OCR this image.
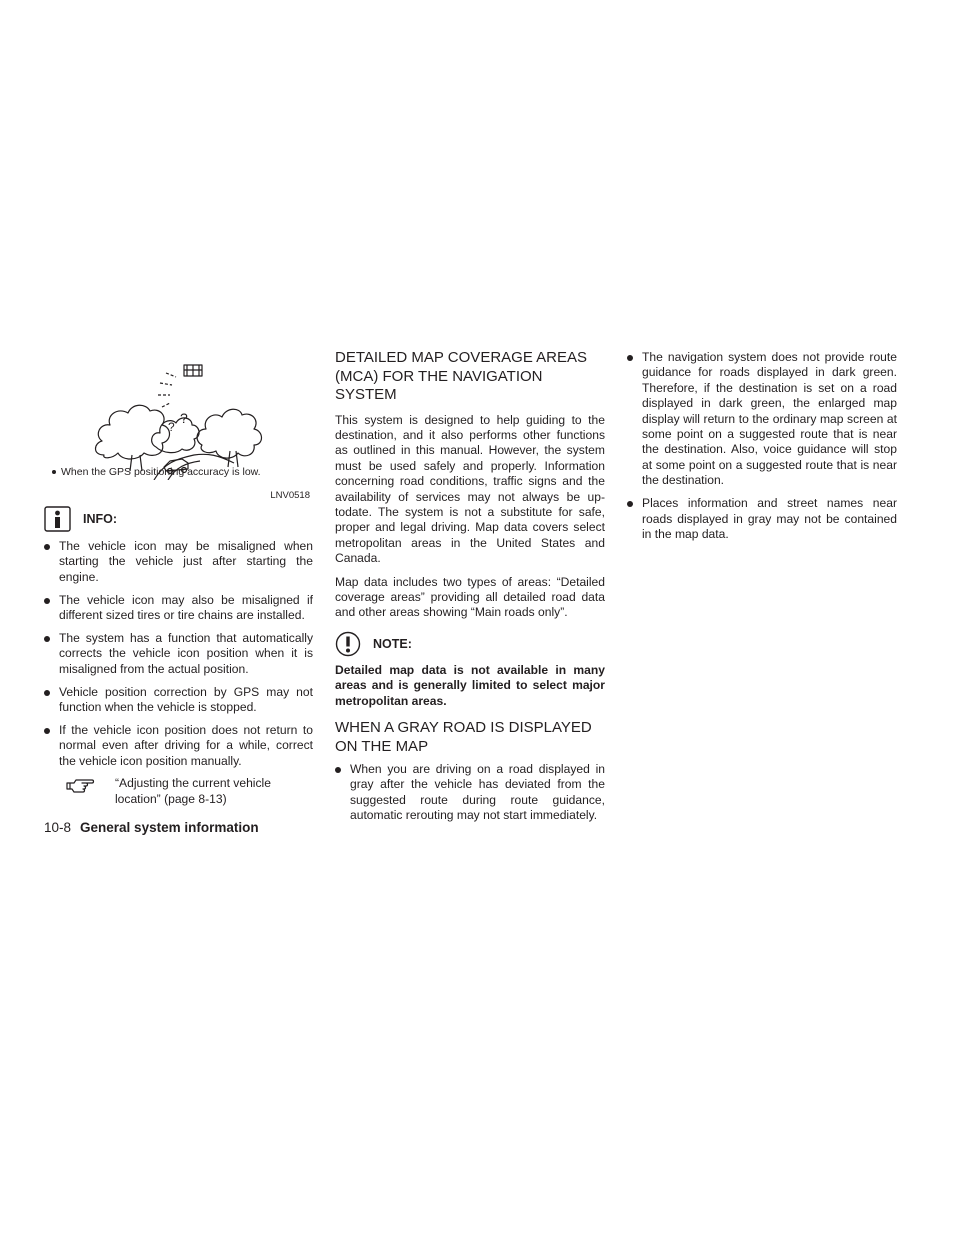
?
?
When the GPS positioning accuracy is low.
LNV0518
INFO:
The vehicle icon may be misaligned when starting the vehicle just after starting the engine.
The vehicle icon may also be misaligned if different sized tires or tire chains are installed.
The system has a function that automatically corrects the vehicle icon position when it is misaligned from the actual position.
Vehicle position correction by GPS may not function when the vehicle is stopped.
If the vehicle icon position does not return to normal even after driving for a while, correct the vehicle icon position manually.
“Adjusting the current vehicle location” (page 8-13)
10-8 General system information
DETAILED MAP COVERAGE AREAS (MCA) FOR THE NAVIGATION SYSTEM

This system is designed to help guiding to the destination, and it also performs other functions as outlined in this manual. However, the system must be used safely and properly. Information concerning road conditions, traffic signs and the availability of services may not always be up-todate. The system is not a substitute for safe, proper and legal driving. Map data covers select metropolitan areas in the United States and Canada.

Map data includes two types of areas: “Detailed coverage areas” providing all detailed road data and other areas showing “Main roads only”.

NOTE:

Detailed map data is not available in many areas and is generally limited to select major metropolitan areas.

WHEN A GRAY ROAD IS DISPLAYED ON THE MAP
When you are driving on a road displayed in gray after the vehicle has deviated from the suggested route during route guidance, automatic rerouting may not start immediately.
The navigation system does not provide route guidance for roads displayed in dark green. Therefore, if the destination is set on a road displayed in dark green, the enlarged map display will return to the ordinary map screen at some point on a suggested route that is near the destination. Also, voice guidance will stop at some point on a suggested route that is near the destination.
Places information and street names near roads displayed in gray may not be contained in the map data.
